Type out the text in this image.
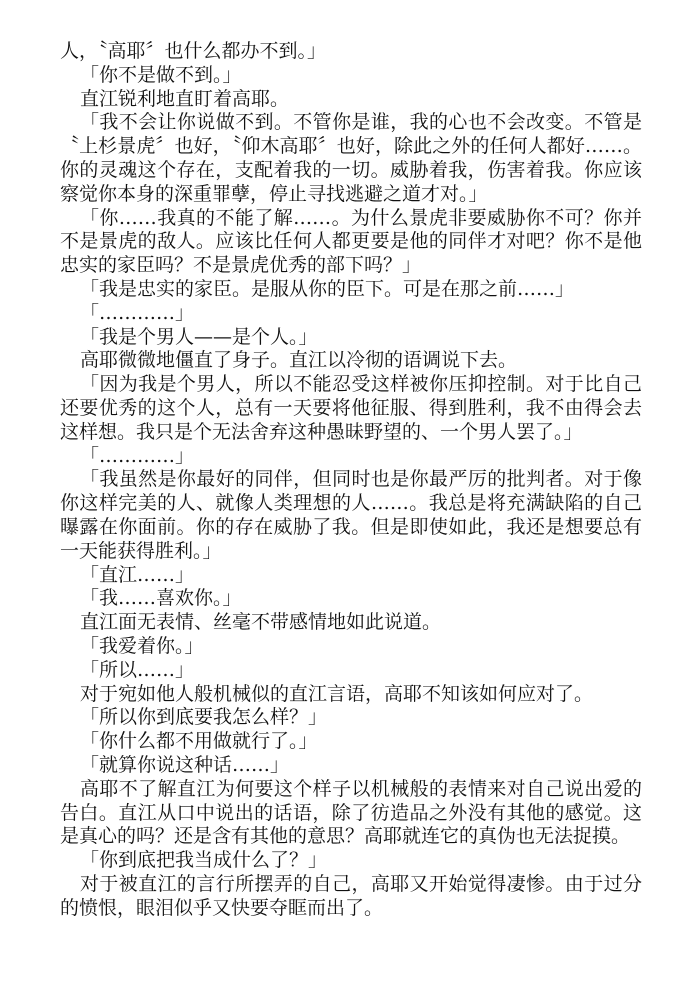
人，〝高耶〞也什么都办不到。」

「你不是做不到。」

直江锐利地直盯着高耶。

「我不会让你说做不到。不管你是谁，我的心也不会改变。不管是〝上杉景虎〞也好，〝仰木高耶〞也好，除此之外的任何人都好……。你的灵魂这个存在，支配着我的一切。威胁着我，伤害着我。你应该察觉你本身的深重罪孽，停止寻找逃避之道才对。」

「你……我真的不能了解……。为什么景虎非要威胁你不可？你并不是景虎的敌人。应该比任何人都更要是他的同伴才对吧？你不是他忠实的家臣吗？不是景虎优秀的部下吗？」

「我是忠实的家臣。是服从你的臣下。可是在那之前……」

「…………」

「我是个男人——是个人。」

高耶微微地僵直了身子。直江以冷彻的语调说下去。

「因为我是个男人，所以不能忍受这样被你压抑控制。对于比自己还要优秀的这个人，总有一天要将他征服、得到胜利，我不由得会去这样想。我只是个无法舍弃这种愚昧野望的、一个男人罢了。」

「…………」

「我虽然是你最好的同伴，但同时也是你最严厉的批判者。对于像你这样完美的人、就像人类理想的人……。我总是将充满缺陷的自己曝露在你面前。你的存在威胁了我。但是即使如此，我还是想要总有一天能获得胜利。」

「直江……」

「我……喜欢你。」

直江面无表情、丝毫不带感情地如此说道。

「我爱着你。」

「所以……」

对于宛如他人般机械似的直江言语，高耶不知该如何应对了。

「所以你到底要我怎么样？」

「你什么都不用做就行了。」

「就算你说这种话……」

高耶不了解直江为何要这个样子以机械般的表情来对自己说出爱的告白。直江从口中说出的话语，除了彷造品之外没有其他的感觉。这是真心的吗？还是含有其他的意思？高耶就连它的真伪也无法捉摸。

「你到底把我当成什么了？」

对于被直江的言行所摆弄的自己，高耶又开始觉得凄惨。由于过分的愤恨，眼泪似乎又快要夺眶而出了。
